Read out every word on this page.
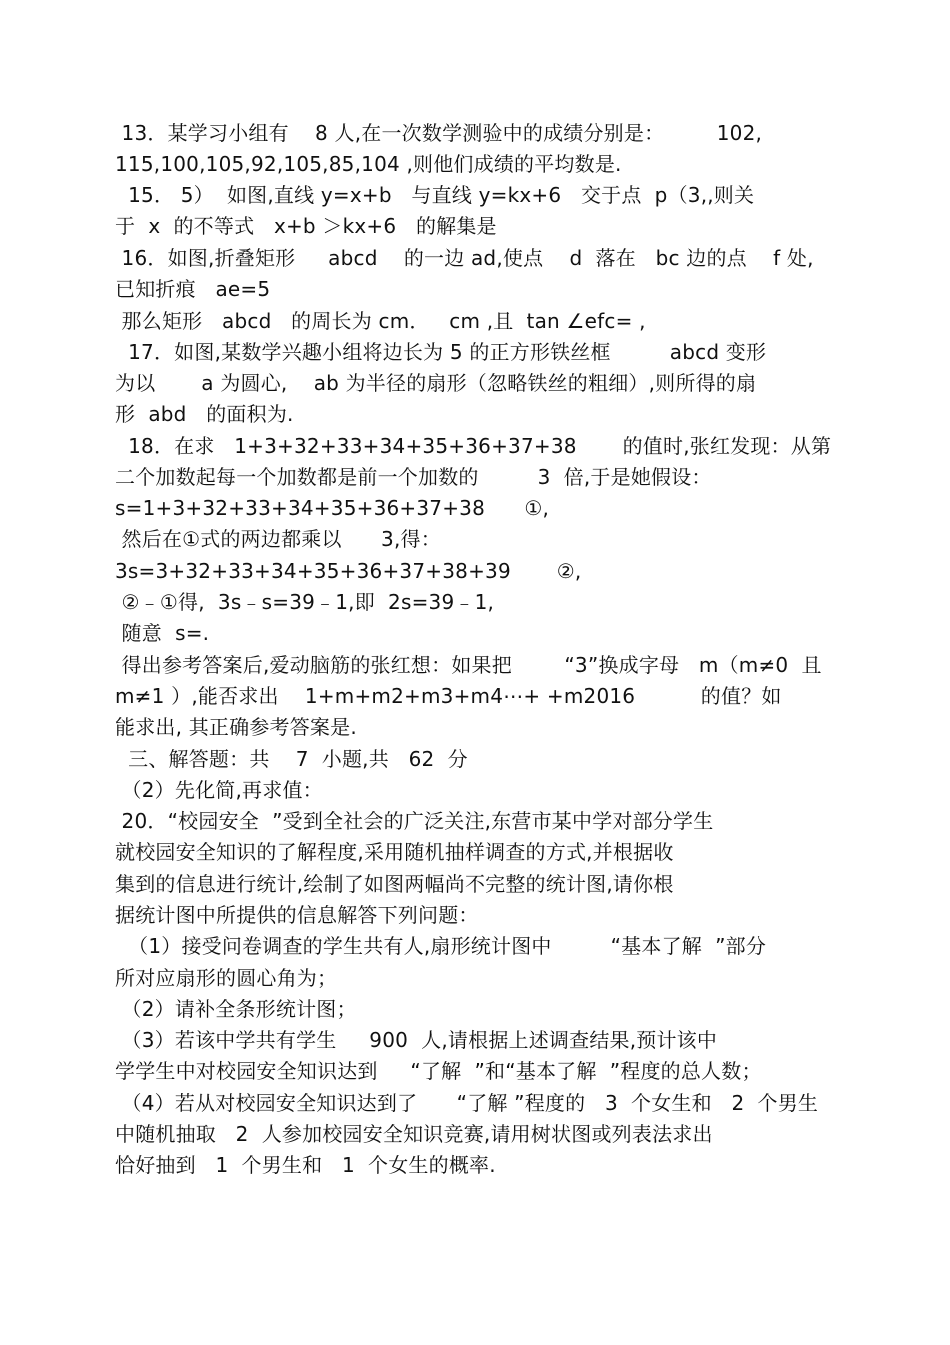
13．某学习小组有    8 人,在一次数学测验中的成绩分别是：        102,
115,100,105,92,105,85,104 ,则他们成绩的平均数是.
15． 5）  如图,直线 y=x+b   与直线 y=kx+6   交于点  p（3,,则关
于  x  的不等式   x+b ＞kx+6   的解集是
16．如图,折叠矩形     abcd    的一边 ad,使点    d  落在   bc 边的点    f 处,
已知折痕   ae=5
那么矩形   abcd   的周长为 cm．   cm ,且  tan ∠efc= ,
17．如图,某数学兴趣小组将边长为 5 的正方形铁丝框         abcd 变形
为以       a 为圆心,    ab 为半径的扇形（忽略铁丝的粗细）,则所得的扇
形  abd   的面积为.
18．在求   1+3+32+33+34+35+36+37+38       的值时,张红发现：从第
二个加数起每一个加数都是前一个加数的         3  倍,于是她假设：
s=1+3+32+33+34+35+36+37+38      ①,
然后在①式的两边都乘以      3,得：
3s=3+32+33+34+35+36+37+38+39       ②,
②﹣①得,  3s﹣s=39﹣1,即  2s=39﹣1,
随意  s=.
得出参考答案后,爱动脑筋的张红想：如果把        “3”换成字母   m（m≠0  且
m≠1 ）,能否求出    1+m+m2+m3+m4⋯+ +m2016          的值？如
能求出, 其正确参考答案是.
三、解答题：共    7  小题,共   62  分
（2）先化简,再求值：
20．“校园安全  ”受到全社会的广泛关注,东营市某中学对部分学生
就校园安全知识的了解程度,采用随机抽样调查的方式,并根据收
集到的信息进行统计,绘制了如图两幅尚不完整的统计图,请你根
据统计图中所提供的信息解答下列问题：
（1）接受问卷调查的学生共有人,扇形统计图中         “基本了解  ”部分
所对应扇形的圆心角为；
（2）请补全条形统计图；
（3）若该中学共有学生     900  人,请根据上述调查结果,预计该中
学学生中对校园安全知识达到     “了解  ”和“基本了解  ”程度的总人数；
（4）若从对校园安全知识达到了      “了解 ”程度的   3  个女生和   2  个男生
中随机抽取   2  人参加校园安全知识竞赛,请用树状图或列表法求出
恰好抽到   1  个男生和   1  个女生的概率.
